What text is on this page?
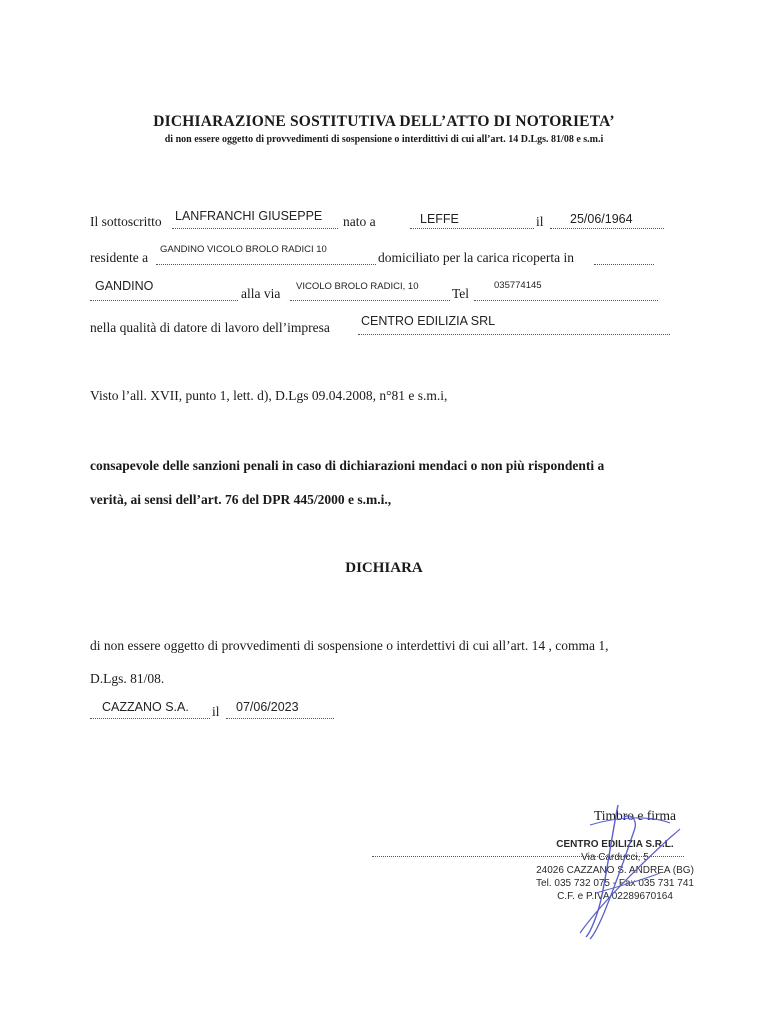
DICHIARAZIONE SOSTITUTIVA DELL’ATTO DI NOTORIETA’
di non essere oggetto di provvedimenti di sospensione o interdittivi di cui all’art. 14 D.Lgs. 81/08 e s.m.i
Il sottoscritto LANFRANCHI GIUSEPPE nato a	LEFFE	il 25/06/1964
residente a
GANDINO VICOLO BROLO RADICI 10
domiciliato per la carica ricoperta in
GANDINO	alla via VICOLO BROLO RADICI, 10 Tel
035774145
nella qualità di datore di lavoro dell’impresa CENTRO EDILIZIA SRL
Visto l’all. XVII, punto 1, lett. d), D.Lgs 09.04.2008, n°81 e s.m.i,
consapevole delle sanzioni penali in caso di dichiarazioni mendaci o non più rispondenti a
verità, ai sensi dell’art. 76 del DPR 445/2000 e s.m.i.,
DICHIARA
di non essere oggetto di provvedimenti di sospensione o interdettivi di cui all’art. 14 , comma 1,
D.Lgs. 81/08.
CAZZANO S.A. il 07/06/2023
Timbro e firma
CENTRO EDILIZIA S.R.L.
Via Carducci, 5
24026 CAZZANO S. ANDREA (BG)
Tel. 035 732 075 - Fax 035 731 741
C.F. e P.IVA 02289670164
